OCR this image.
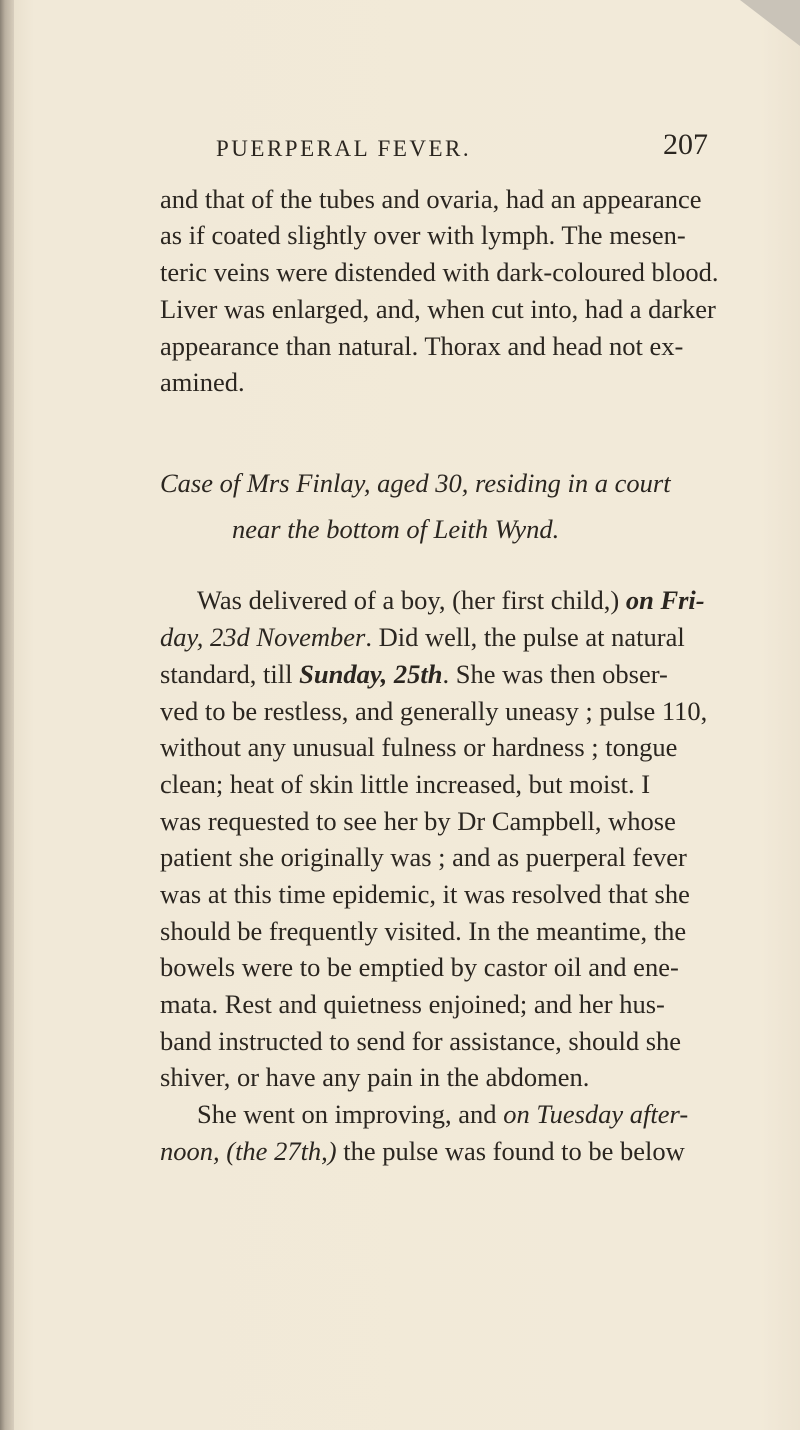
PUERPERAL FEVER.	207
and that of the tubes and ovaria, had an appearance
as if coated slightly over with lymph. The mesen-
teric veins were distended with dark-coloured blood.
Liver was enlarged, and, when cut into, had a darker
appearance than natural. Thorax and head not ex-
amined.
Case of Mrs Finlay, aged 30, residing in a court
near the bottom of Leith Wynd.
Was delivered of a boy, (her first child,) on Fri-
day, 23d November. Did well, the pulse at natural
standard, till Sunday, 25th. She was then obser-
ved to be restless, and generally uneasy ; pulse 110,
without any unusual fulness or hardness ; tongue
clean; heat of skin little increased, but moist. I
was requested to see her by Dr Campbell, whose
patient she originally was ; and as puerperal fever
was at this time epidemic, it was resolved that she
should be frequently visited. In the meantime, the
bowels were to be emptied by castor oil and ene-
mata. Rest and quietness enjoined; and her hus-
band instructed to send for assistance, should she
shiver, or have any pain in the abdomen.
She went on improving, and on Tuesday after-
noon, (the 27th,) the pulse was found to be below
